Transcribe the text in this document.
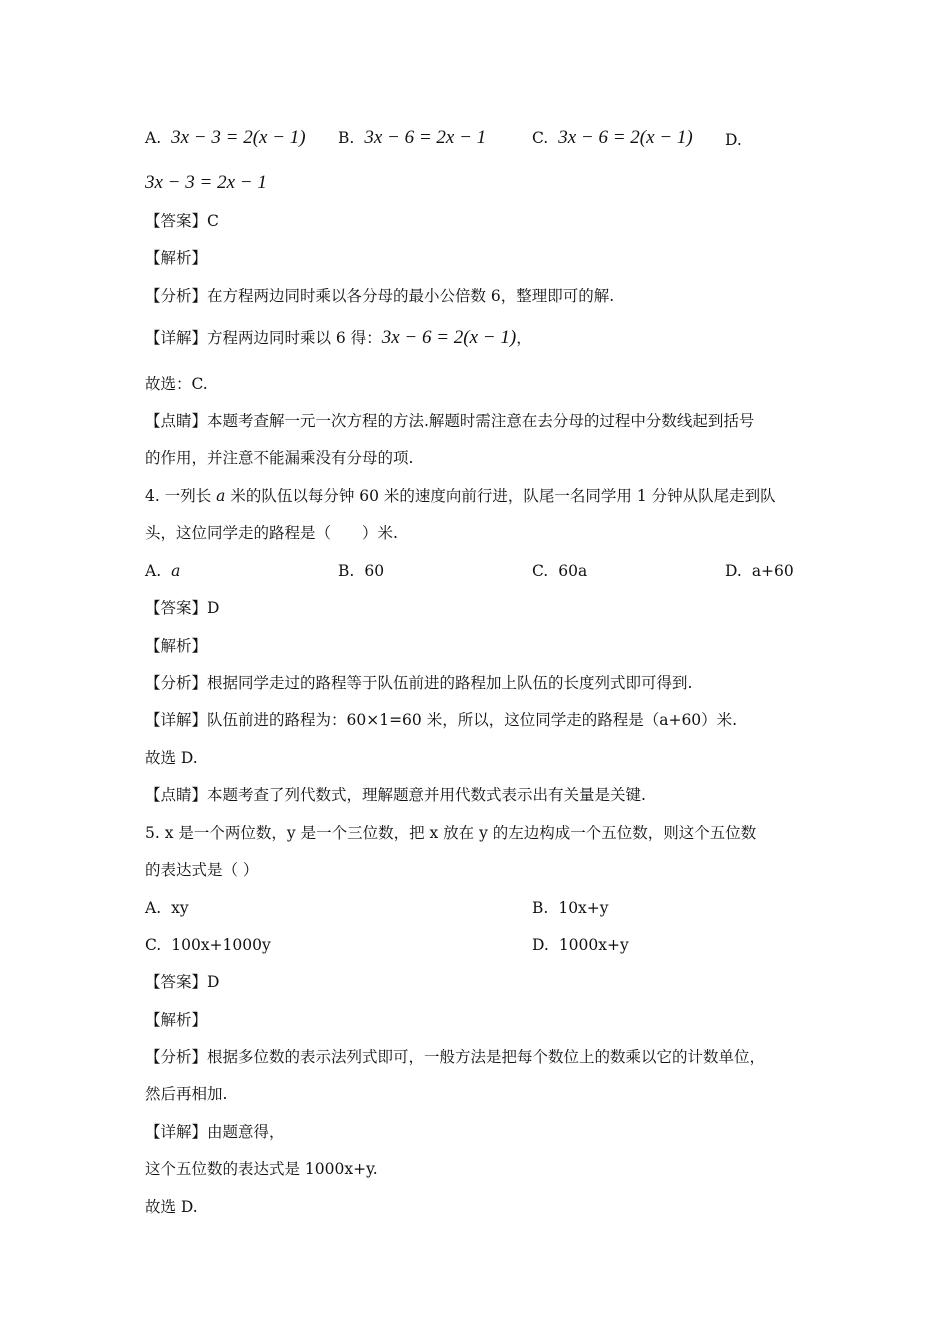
A. 3x − 3 = 2(x − 1) B. 3x − 6 = 2x − 1	C. 3x − 6 = 2(x − 1) D.
3x − 3 = 2x − 1
【答案】C
【解析】
【分析】在方程两边同时乘以各分母的最小公倍数 6，整理即可的解.
【详解】方程两边同时乘以 6 得：3x − 6 = 2(x − 1)，
故选：C.
【点睛】本题考查解一元一次方程的方法.解题时需注意在去分母的过程中分数线起到括号
的作用，并注意不能漏乘没有分母的项.
4. 一列长 a 米的队伍以每分钟 60 米的速度向前行进，队尾一名同学用 1 分钟从队尾走到队
头，这位同学走的路程是（　　）米.
A. a	B. 60	C. 60a	D. a+60
【答案】D
【解析】
【分析】根据同学走过的路程等于队伍前进的路程加上队伍的长度列式即可得到.
【详解】队伍前进的路程为：60×1=60 米，所以，这位同学走的路程是（a+60）米.
故选 D.
【点睛】本题考查了列代数式，理解题意并用代数式表示出有关量是关键.
5. x 是一个两位数，y 是一个三位数，把 x 放在 y 的左边构成一个五位数，则这个五位数
的表达式是（ ）
A. xy	B. 10x+y
C. 100x+1000y	D. 1000x+y
【答案】D
【解析】
【分析】根据多位数的表示法列式即可，一般方法是把每个数位上的数乘以它的计数单位，
然后再相加.
【详解】由题意得，
这个五位数的表达式是 1000x+y.
故选 D.
